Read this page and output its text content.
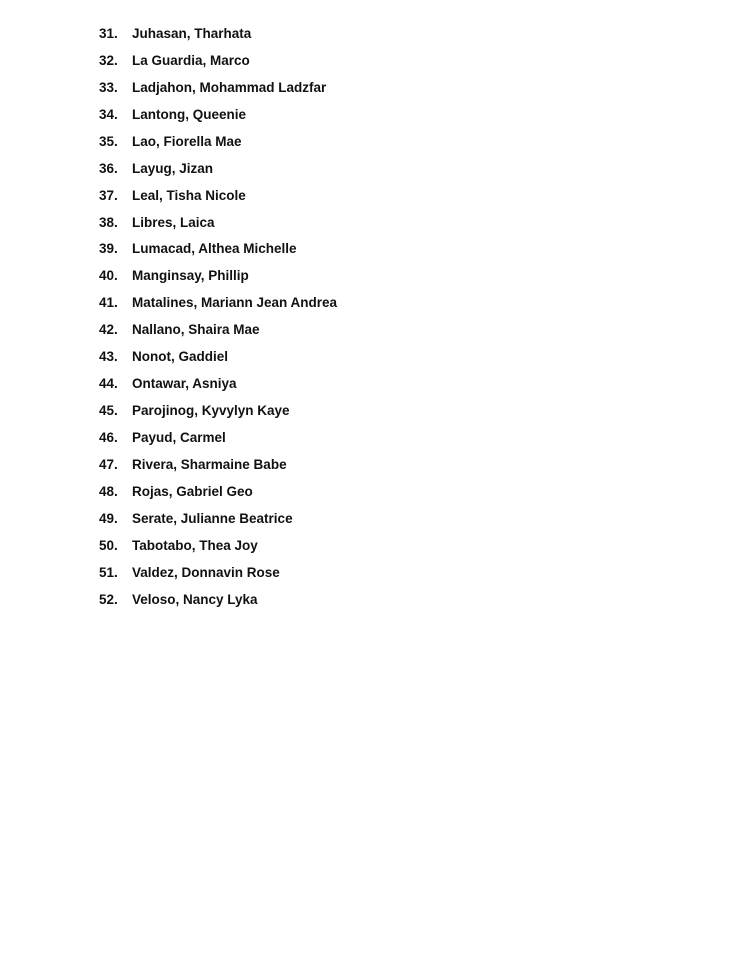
31.	Juhasan, Tharhata
32.	La Guardia, Marco
33.	Ladjahon, Mohammad Ladzfar
34.	Lantong, Queenie
35.	Lao, Fiorella Mae
36.	Layug, Jizan
37.	Leal, Tisha Nicole
38.	Libres, Laica
39.	Lumacad, Althea Michelle
40.	Manginsay, Phillip
41.	Matalines, Mariann Jean Andrea
42.	Nallano, Shaira Mae
43.	Nonot, Gaddiel
44.	Ontawar, Asniya
45.	Parojinog, Kyvylyn Kaye
46.	Payud, Carmel
47.	Rivera, Sharmaine Babe
48.	Rojas, Gabriel Geo
49.	Serate, Julianne Beatrice
50.	Tabotabo, Thea Joy
51.	Valdez, Donnavin Rose
52.	Veloso, Nancy Lyka
